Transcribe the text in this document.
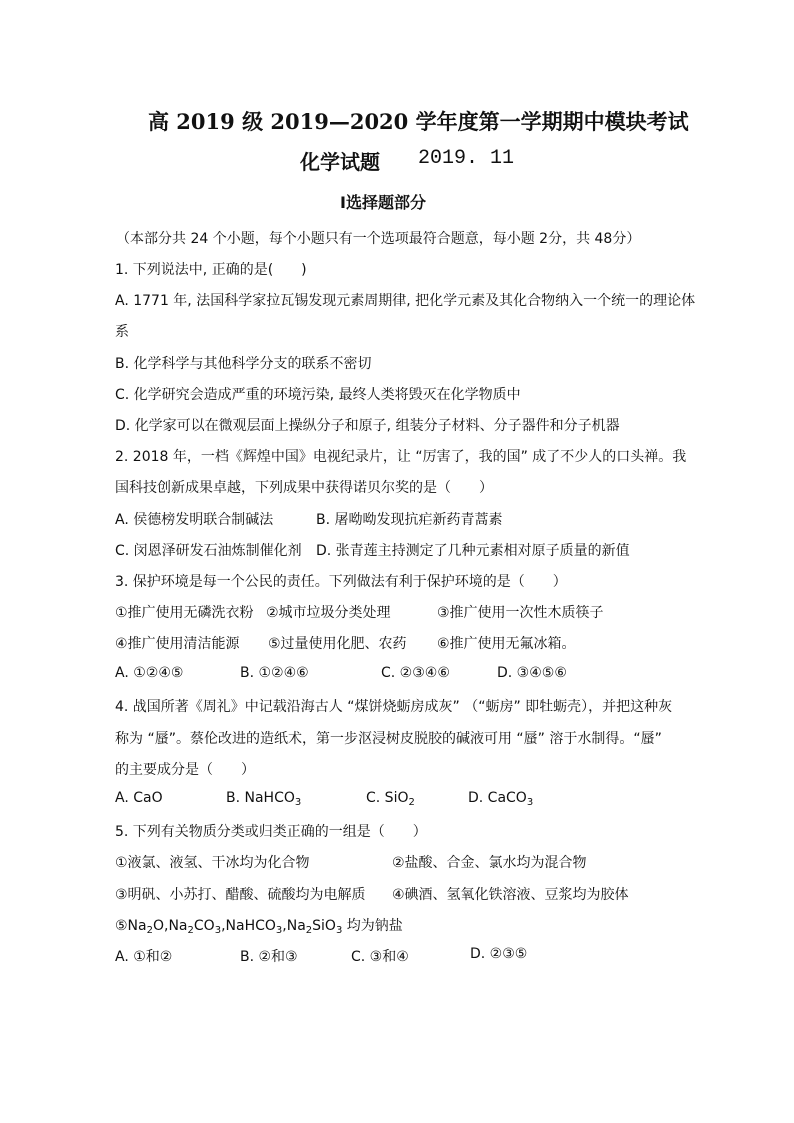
高 2019 级 2019—2020 学年度第一学期期中模块考试
化学试题 2019. 11
Ⅰ选择题部分
（本部分共 24 个小题，每个小题只有一个选项最符合题意，每小题 2分，共 48分）
1. 下列说法中, 正确的是(　　)
A. 1771 年, 法国科学家拉瓦锡发现元素周期律, 把化学元素及其化合物纳入一个统一的理论体
系
B. 化学科学与其他科学分支的联系不密切
C. 化学研究会造成严重的环境污染, 最终人类将毁灭在化学物质中
D. 化学家可以在微观层面上操纵分子和原子, 组装分子材料、分子器件和分子机器
2. 2018 年，一档《辉煌中国》电视纪录片，让 “厉害了，我的国” 成了不少人的口头禅。我
国科技创新成果卓越，下列成果中获得诺贝尔奖的是（　　）
A. 侯德榜发明联合制碱法	B. 屠呦呦发现抗疟新药青蒿素
C. 闵恩泽研发石油炼制催化剂 D. 张青莲主持测定了几种元素相对原子质量的新值
3. 保护环境是每一个公民的责任。下列做法有利于保护环境的是（　　）
①推广使用无磷洗衣粉 ②城市垃圾分类处理	③推广使用一次性木质筷子
④推广使用清洁能源 ⑤过量使用化肥、农药 ⑥推广使用无氟冰箱。
A. ①②④⑤	B. ①②④⑥	C. ②③④⑥	D. ③④⑤⑥
4. 战国所著《周礼》中记载沿海古人 “煤饼烧蛎房成灰” （“蛎房” 即牡蛎壳），并把这种灰
称为 “蜃”。蔡伦改进的造纸术，第一步沤浸树皮脱胶的碱液可用 “蜃” 溶于水制得。“蜃”
的主要成分是（　　）
A. CaO	B. NaHCO$_3$	C. SiO$_2$	D. CaCO$_3$
5. 下列有关物质分类或归类正确的一组是（　　）
①液氯、液氢、干冰均为化合物	②盐酸、合金、氯水均为混合物
③明矾、小苏打、醋酸、硫酸均为电解质 ④碘酒、氢氧化铁溶液、豆浆均为胶体
$⑤Na_2O,Na_2CO_3,NaHCO_3,Na_2SiO_3$ 均为钠盐
A. ①和②	B. ②和③	C. ③和④	D. ②③⑤
